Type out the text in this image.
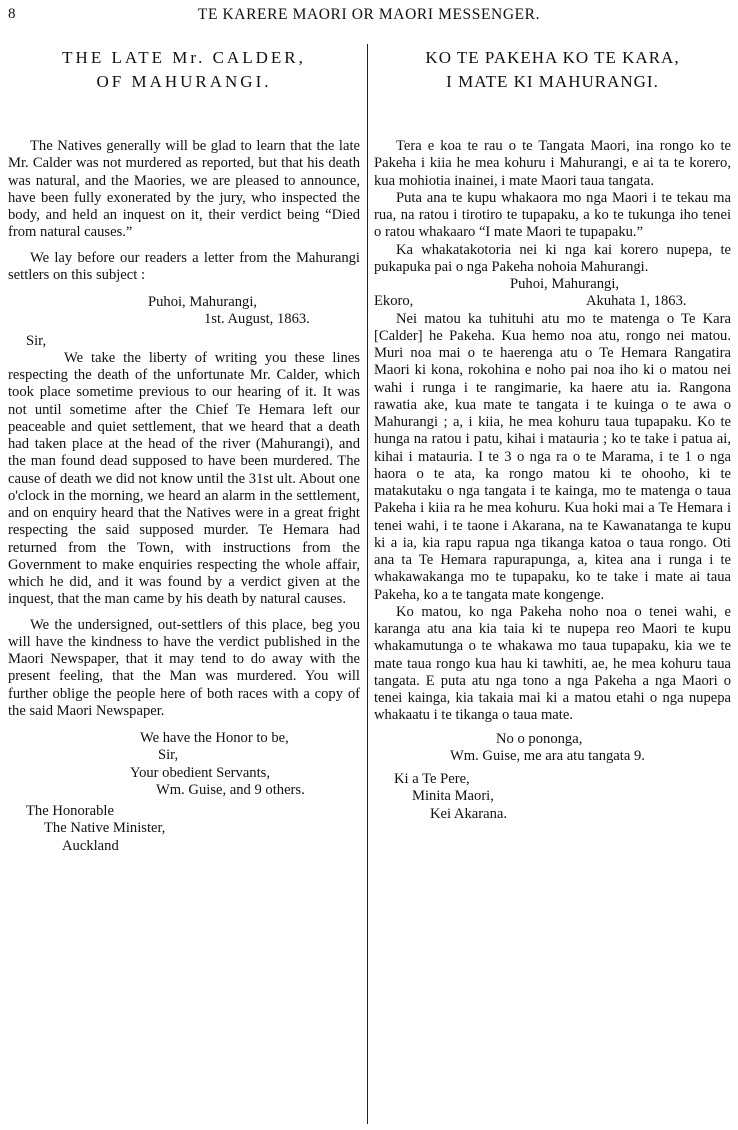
8	TE KARERE MAORI OR MAORI MESSENGER.
THE LATE Mr. CALDER,
OF MAHURANGI.

The Natives generally will be glad to learn that the late Mr. Calder was not murdered as reported, but that his death was natural, and the Maories, we are pleased to announce, have been fully exonerated by the jury, who inspected the body, and held an inquest on it, their verdict being “Died from natural causes.”

We lay before our readers a letter from the Mahurangi settlers on this subject :

Puhoi, Mahurangi,
1st. August, 1863.
Sir,

We take the liberty of writing you these lines respecting the death of the unfortunate Mr. Calder, which took place sometime previous to our hearing of it. It was not until sometime after the Chief Te Hemara left our peaceable and quiet settlement, that we heard that a death had taken place at the head of the river (Mahurangi), and the man found dead supposed to have been murdered. The cause of death we did not know until the 31st ult. About one o'clock in the morning, we heard an alarm in the settlement, and on enquiry heard that the Natives were in a great fright respecting the said supposed murder. Te Hemara had returned from the Town, with instructions from the Government to make enquiries respecting the whole affair, which he did, and it was found by a verdict given at the inquest, that the man came by his death by natural causes.

We the undersigned, out-settlers of this place, beg you will have the kindness to have the verdict published in the Maori Newspaper, that it may tend to do away with the present feeling, that the Man was murdered. You will further oblige the people here of both races with a copy of the said Maori Newspaper.

We have the Honor to be,
Sir,
Your obedient Servants,
Wm. Guise, and 9 others.
The Honorable
The Native Minister,
Auckland
KO TE PAKEHA KO TE KARA,
I MATE KI MAHURANGI.

Tera e koa te rau o te Tangata Maori, ina rongo ko te Pakeha i kiia he mea kohuru i Mahurangi, e ai ta te korero, kua mohiotia inainei, i mate Maori taua tangata.

Puta ana te kupu whakaora mo nga Maori i te tekau ma rua, na ratou i tirotiro te tupapaku, a ko te tukunga iho tenei o ratou whakaaro “I mate Maori te tupapaku.”

Ka whakatakotoria nei ki nga kai korero nupepa, te pukapuka pai o nga Pakeha nohoia Mahurangi.

Puhoi, Mahurangi,
Ekoro,	Akuhata 1, 1863.

Nei matou ka tuhituhi atu mo te matenga o Te Kara [Calder] he Pakeha. Kua hemo noa atu, rongo nei matou. Muri noa mai o te haerenga atu o Te Hemara Rangatira Maori ki kona, rokohina e noho pai noa iho ki o matou nei wahi i runga i te rangimarie, ka haere atu ia. Rangona rawatia ake, kua mate te tangata i te kuinga o te awa o Mahurangi ; a, i kiia, he mea kohuru taua tupapaku. Ko te hunga na ratou i patu, kihai i matauria ; ko te take i patua ai, kihai i matauria. I te 3 o nga ra o te Marama, i te 1 o nga haora o te ata, ka rongo matou ki te ohooho, ki te matakutaku o nga tangata i te kainga, mo te matenga o taua Pakeha i kiia ra he mea kohuru. Kua hoki mai a Te Hemara i tenei wahi, i te taone i Akarana, na te Kawanatanga te kupu ki a ia, kia rapu rapua nga tikanga katoa o taua rongo. Oti ana ta Te Hemara rapurapunga, a, kitea ana i runga i te whakawakanga mo te tupapaku, ko te take i mate ai taua Pakeha, ko a te tangata mate kongenge.

Ko matou, ko nga Pakeha noho noa o tenei wahi, e karanga atu ana kia taia ki te nupepa reo Maori te kupu whakamutunga o te whakawa mo taua tupapaku, kia we te mate taua rongo kua hau ki tawhiti, ae, he mea kohuru taua tangata. E puta atu nga tono a nga Pakeha a nga Maori o tenei kainga, kia takaia mai ki a matou etahi o nga nupepa whakaatu i te tikanga o taua mate.

No o pononga,
Wm. Guise, me ara atu tangata 9.
Ki a Te Pere,
Minita Maori,
Kei Akarana.
